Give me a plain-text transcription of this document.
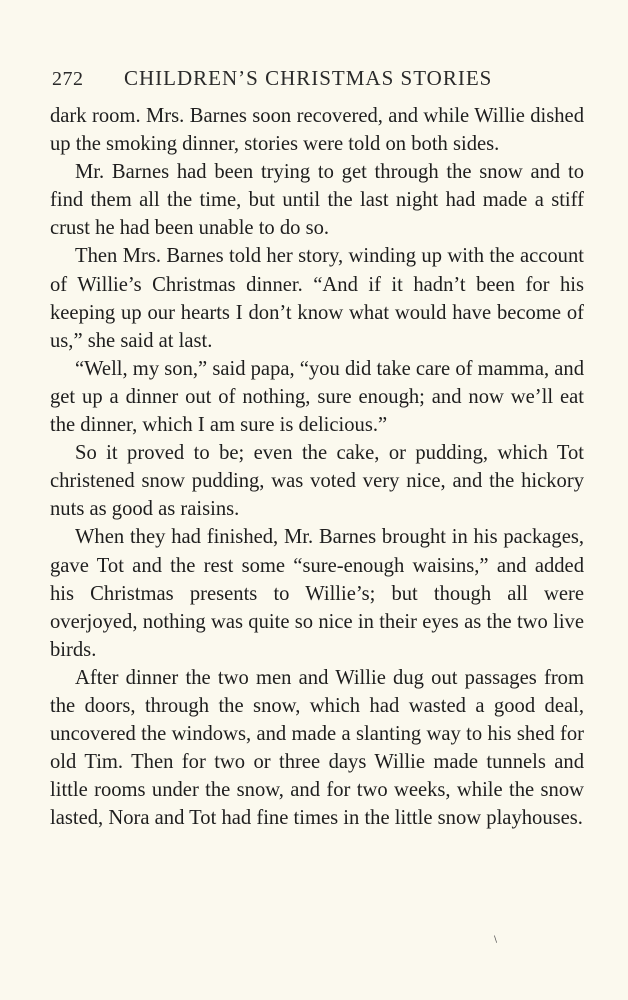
272 CHILDREN’S CHRISTMAS STORIES

dark room. Mrs. Barnes soon recovered, and while Willie dished up the smoking dinner, stories were told on both sides.

Mr. Barnes had been trying to get through the snow and to find them all the time, but until the last night had made a stiff crust he had been unable to do so.

Then Mrs. Barnes told her story, winding up with the account of Willie’s Christmas dinner. “And if it hadn’t been for his keeping up our hearts I don’t know what would have become of us,” she said at last.

“Well, my son,” said papa, “you did take care of mamma, and get up a dinner out of nothing, sure enough; and now we’ll eat the dinner, which I am sure is delicious.”

So it proved to be; even the cake, or pudding, which Tot christened snow pudding, was voted very nice, and the hickory nuts as good as raisins.

When they had finished, Mr. Barnes brought in his packages, gave Tot and the rest some “sure-enough waisins,” and added his Christmas presents to Willie’s; but though all were overjoyed, nothing was quite so nice in their eyes as the two live birds.

After dinner the two men and Willie dug out passages from the doors, through the snow, which had wasted a good deal, uncovered the windows, and made a slanting way to his shed for old Tim. Then for two or three days Willie made tunnels and little rooms under the snow, and for two weeks, while the snow lasted, Nora and Tot had fine times in the little snow playhouses.

\
